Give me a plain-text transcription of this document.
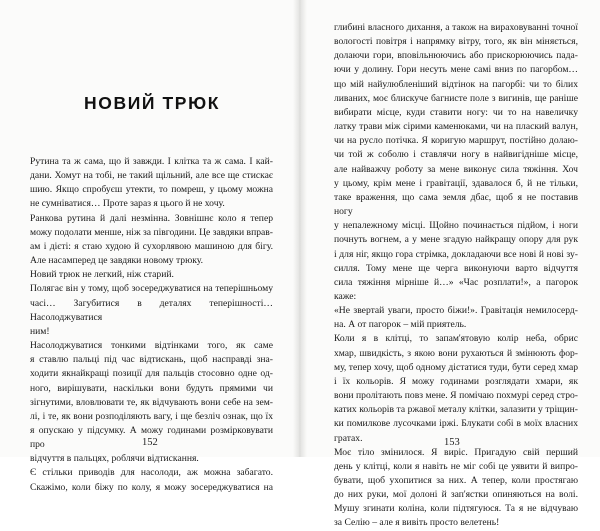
НОВИЙ ТРЮК
Рутина та ж сама, що й завжди. І клітка та ж сама. І кай-
дани. Хомут на тобі, не такий щільний, але все ще стискає
шию. Якщо спробуєш утекти, то помреш, у цьому можна
не сумніватися… Проте зараз я цього й не хочу.
Ранкова рутина й далі незмінна. Зовнішнє коло я тепер
можу подолати менше, ніж за півгодини. Це завдяки вправ-
ам і дієті: я стаю худою й сухорлявою машиною для бігу.
Але насамперед це завдяки новому трюку.
Новий трюк не легкий, ніж старий.
Полягає він у тому, щоб зосереджуватися на теперішньому
часі… Загубитися в деталях теперішності… Насолоджуватися
ним!
Насолоджуватися тонкими відтінками того, як саме
я ставлю пальці під час відтискань, щоб насправді зна-
ходити якнайкращі позиції для пальців стосовно одне од-
ного, вирішувати, наскільки вони будуть прямими чи
зігнутими, вловлювати те, як відчувають вони себе на зем-
лі, і те, як вони розподіляють вагу, і ще безліч ознак, що їх
я опускаю у підсумку. А можу годинами розмірковувати про
відчуття в пальцях, роблячи відтискання.
Є стільки приводів для насолоди, аж можна забагато.
Скажімо, коли біжу по колу, я можу зосереджуватися на
152
глибині власного дихання, а також на вираховуванні точної
вологості повітря і напрямку вітру, того, як він міняється,
долаючи гори, вповільнюючись або прискорюючись пада-
ючи у долину. Гори несуть мене самі вниз по пагорбом…
що мій найулюбленіший відтінок на пагорбі: чи то білих
ливаних, моє блискуче багнисте поле з вигинів, ще раніше
вибирати місце, куди ставити ногу: чи то на навеличку
латку трави між сірими каменюками, чи на плаский валун,
чи на русло потічка. Я коригую маршрут, постійно долаю-
чи той ж соболю і ставлячи ногу в найвигідніше місце,
але найважчу роботу за мене виконує сила тяжіння. Хоч
у цьому, крім мене і гравітації, здавалося б, й не тільки,
таке враження, що сама земля дбає, щоб я не поставив ногу
у непалежному місці. Щойно починається підйом, і ноги
почнуть вогнем, а у мене згадую найкращу опору для рук
і для ніг, якщо гора стрімка, докладаючи все нові й нові зу-
силля. Тому мене ще черга виконуючи варто відчуття
сила тяжіння мірніше й…» «Час розплати!», а пагорок каже:
«Не звертай уваги, просто біжи!». Гравітація немилосерд-
на. А от пагорок – мій приятель.
Коли я в клітці, то запам'ятовую колір неба, обрис
хмар, швидкість, з якою вони рухаються й змінюють фор-
му, тепер хочу, щоб одному дістатися туди, бути серед хмар
і їх кольорів. Я можу годинами розглядати хмари, як
вони пролітають повз мене. Я помічаю похмурі серед стро-
катих кольорів та ржавої металу клітки, залазити у тріщин-
ки помилкове лусочками іржі. Блукати собі в моїх власних
гратах.
Моє тіло змінилося. Я виріс. Пригадую свій перший
день у клітці, коли я навіть не міг собі це уявити й випро-
бувати, щоб ухопитися за них. А тепер, коли простягаю
до них руки, мої долоні й зап'ястки опиняються на волі.
Мушу згинати коліна, коли підтягуюся. Та я не відчуваю
за Селію – але я вивіть просто велетень!
153
